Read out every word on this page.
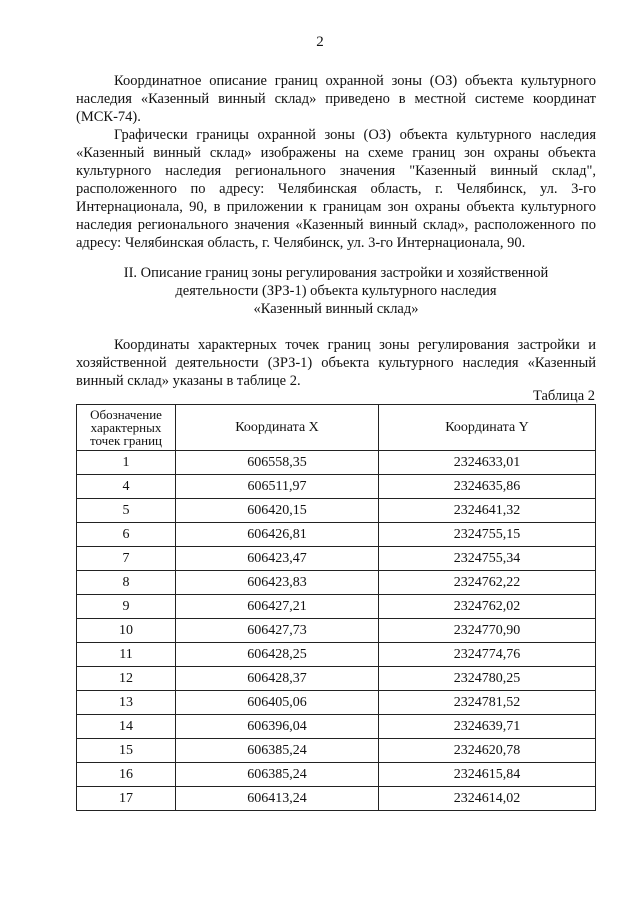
2

Координатное описание границ охранной зоны (ОЗ) объекта культурного наследия «Казенный винный склад» приведено в местной системе координат (МСК-74).

Графически границы охранной зоны (ОЗ) объекта культурного наследия «Казенный винный склад» изображены на схеме границ зон охраны объекта культурного наследия регионального значения "Казенный винный склад", расположенного по адресу: Челябинская область, г. Челябинск, ул. 3-го Интернационала, 90, в приложении к границам зон охраны объекта культурного наследия регионального значения «Казенный винный склад», расположенного по адресу: Челябинская область, г. Челябинск, ул. 3-го Интернационала, 90.

II. Описание границ зоны регулирования застройки и хозяйственной
деятельности (ЗРЗ-1) объекта культурного наследия
«Казенный винный склад»

Координаты характерных точек границ зоны регулирования застройки и хозяйственной деятельности (ЗРЗ-1) объекта культурного наследия «Казенный винный склад» указаны в таблице 2.

Таблица 2
Обозначение характерных точек границ	Координата X	Координата Y
1	606558,35	2324633,01
4	606511,97	2324635,86
5	606420,15	2324641,32
6	606426,81	2324755,15
7	606423,47	2324755,34
8	606423,83	2324762,22
9	606427,21	2324762,02
10	606427,73	2324770,90
11	606428,25	2324774,76
12	606428,37	2324780,25
13	606405,06	2324781,52
14	606396,04	2324639,71
15	606385,24	2324620,78
16	606385,24	2324615,84
17	606413,24	2324614,02
